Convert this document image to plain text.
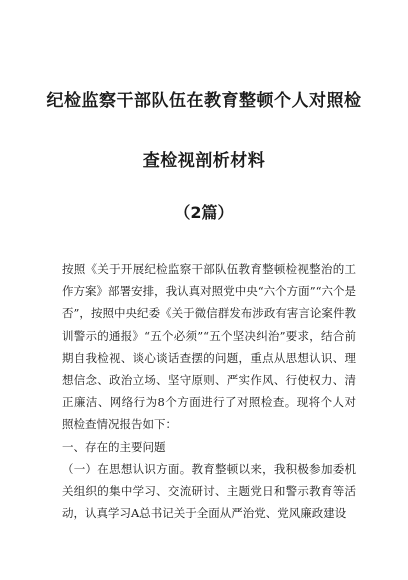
纪检监察干部队伍在教育整顿个人对照检
查检视剖析材料
（2篇）

按照《关于开展纪检监察干部队伍教育整顿检视整治的工作方案》部署安排，我认真对照党中央“六个方面”“六个是否”，按照中央纪委《关于微信群发布涉政有害言论案件教训警示的通报》“五个必须”“五个坚决纠治”要求，结合前期自我检视、谈心谈话查摆的问题，重点从思想认识、理想信念、政治立场、坚守原则、严实作风、行使权力、清正廉洁、网络行为8个方面进行了对照检查。现将个人对照检查情况报告如下：

一、存在的主要问题

（一）在思想认识方面。教育整顿以来，我积极参加委机关组织的集中学习、交流研讨、主题党日和警示教育等活动，认真学习A总书记关于全面从严治党、党风廉政建设
